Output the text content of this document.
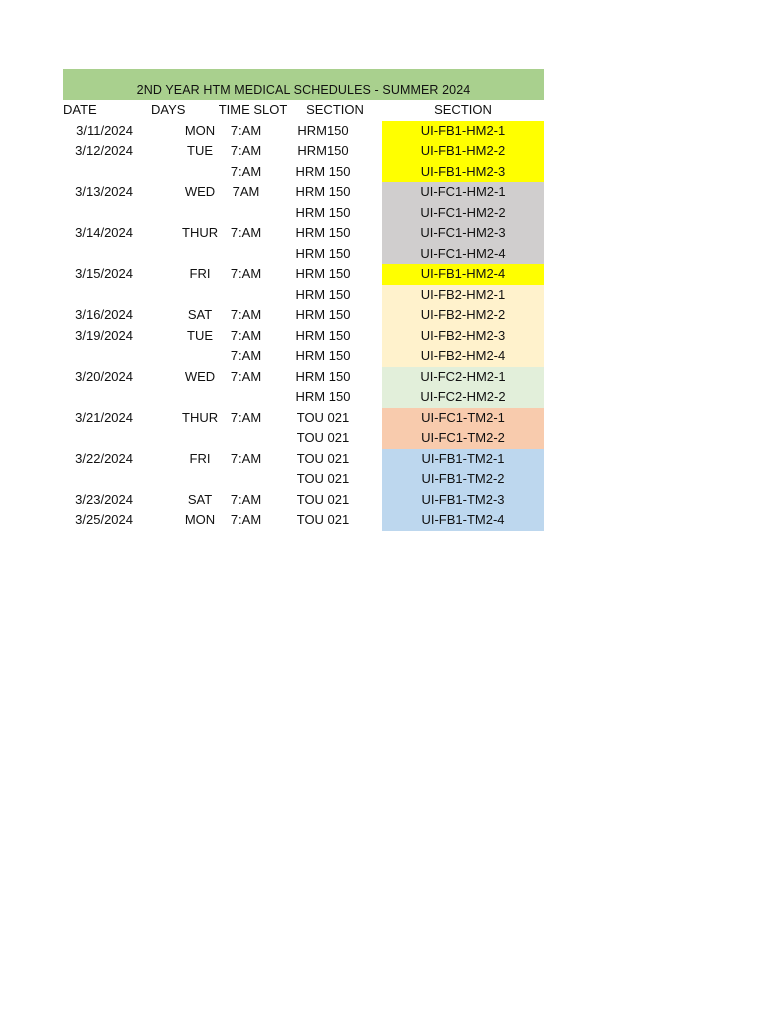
2ND YEAR HTM MEDICAL SCHEDULES - SUMMER 2024
DATE	DAYS	TIME SLOT	SECTION	SECTION
3/11/2024	MON	7:AM	HRM150	UI-FB1-HM2-1
3/12/2024	TUE	7:AM	HRM150	UI-FB1-HM2-2
		7:AM	HRM 150	UI-FB1-HM2-3
3/13/2024	WED	7AM	HRM 150	UI-FC1-HM2-1
			HRM 150	UI-FC1-HM2-2
3/14/2024	THUR	7:AM	HRM 150	UI-FC1-HM2-3
			HRM 150	UI-FC1-HM2-4
3/15/2024	FRI	7:AM	HRM 150	UI-FB1-HM2-4
			HRM 150	UI-FB2-HM2-1
3/16/2024	SAT	7:AM	HRM 150	UI-FB2-HM2-2
3/19/2024	TUE	7:AM	HRM 150	UI-FB2-HM2-3
		7:AM	HRM 150	UI-FB2-HM2-4
3/20/2024	WED	7:AM	HRM 150	UI-FC2-HM2-1
			HRM 150	UI-FC2-HM2-2
3/21/2024	THUR	7:AM	TOU 021	UI-FC1-TM2-1
			TOU 021	UI-FC1-TM2-2
3/22/2024	FRI	7:AM	TOU 021	UI-FB1-TM2-1
			TOU 021	UI-FB1-TM2-2
3/23/2024	SAT	7:AM	TOU 021	UI-FB1-TM2-3
3/25/2024	MON	7:AM	TOU 021	UI-FB1-TM2-4
